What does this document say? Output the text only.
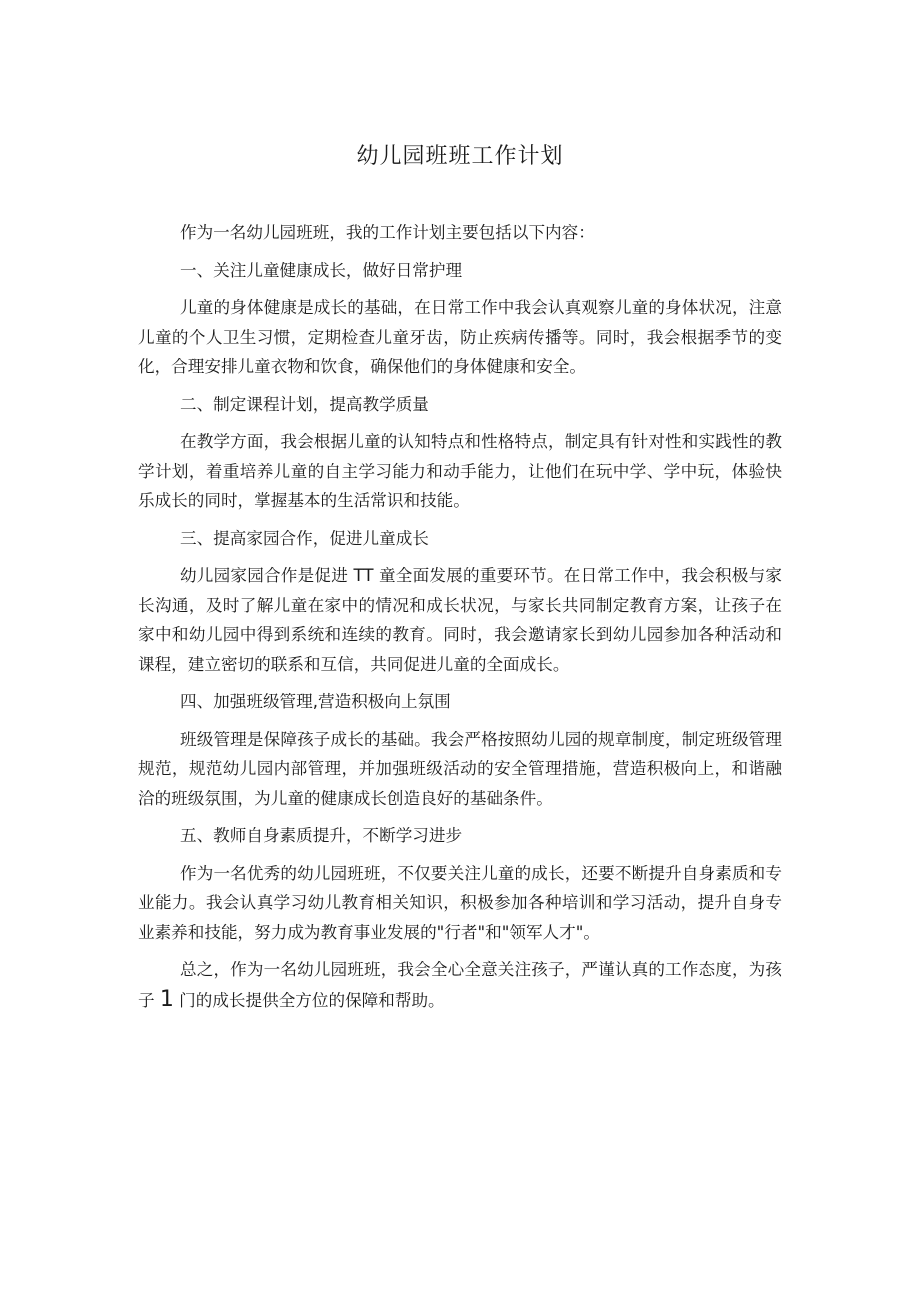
幼儿园班班工作计划

作为一名幼儿园班班，我的工作计划主要包括以下内容：

一、关注儿童健康成长，做好日常护理

儿童的身体健康是成长的基础，在日常工作中我会认真观察儿童的身体状况，注意儿童的个人卫生习惯，定期检查儿童牙齿，防止疾病传播等。同时，我会根据季节的变化，合理安排儿童衣物和饮食，确保他们的身体健康和安全。

二、制定课程计划，提高教学质量

在教学方面，我会根据儿童的认知特点和性格特点，制定具有针对性和实践性的教学计划，着重培养儿童的自主学习能力和动手能力，让他们在玩中学、学中玩，体验快乐成长的同时，掌握基本的生活常识和技能。

三、提高家园合作，促进儿童成长

幼儿园家园合作是促进 TT 童全面发展的重要环节。在日常工作中，我会积极与家长沟通，及时了解儿童在家中的情况和成长状况，与家长共同制定教育方案，让孩子在家中和幼儿园中得到系统和连续的教育。同时，我会邀请家长到幼儿园参加各种活动和课程，建立密切的联系和互信，共同促进儿童的全面成长。

四、加强班级管理,营造积极向上氛围

班级管理是保障孩子成长的基础。我会严格按照幼儿园的规章制度，制定班级管理规范，规范幼儿园内部管理，并加强班级活动的安全管理措施，营造积极向上，和谐融洽的班级氛围，为儿童的健康成长创造良好的基础条件。

五、教师自身素质提升，不断学习进步

作为一名优秀的幼儿园班班，不仅要关注儿童的成长，还要不断提升自身素质和专业能力。我会认真学习幼儿教育相关知识，积极参加各种培训和学习活动，提升自身专业素养和技能，努力成为教育事业发展的"行者"和"领军人才"。

总之，作为一名幼儿园班班，我会全心全意关注孩子，严谨认真的工作态度，为孩子 1 门的成长提供全方位的保障和帮助。
